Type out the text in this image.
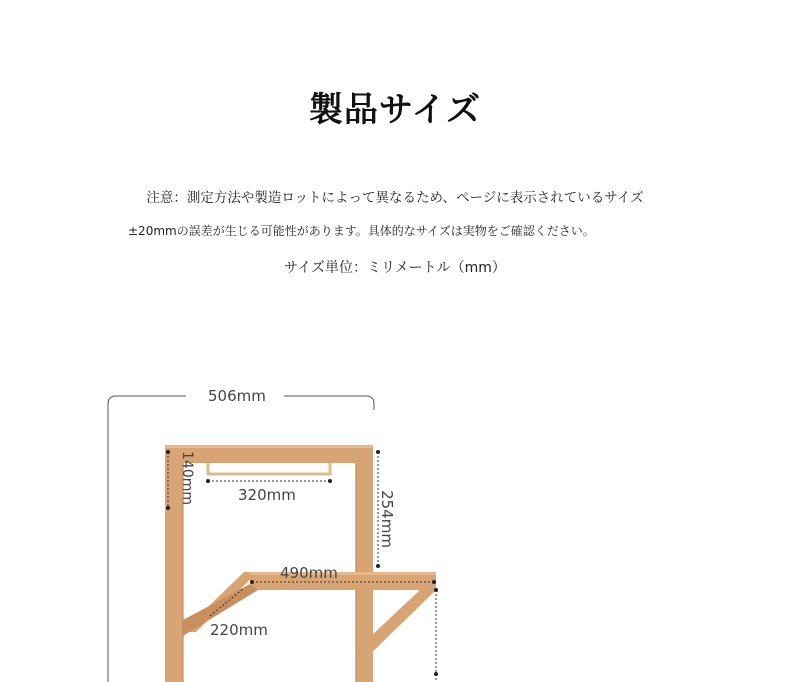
製品サイズ
注意：測定方法や製造ロットによって異なるため、ページに表示されているサイズ
±20mmの誤差が生じる可能性があります。具体的なサイズは実物をご確認ください。
サイズ単位：ミリメートル（mm）
506mm
140mm	320mm	254mm
490mm
220mm
